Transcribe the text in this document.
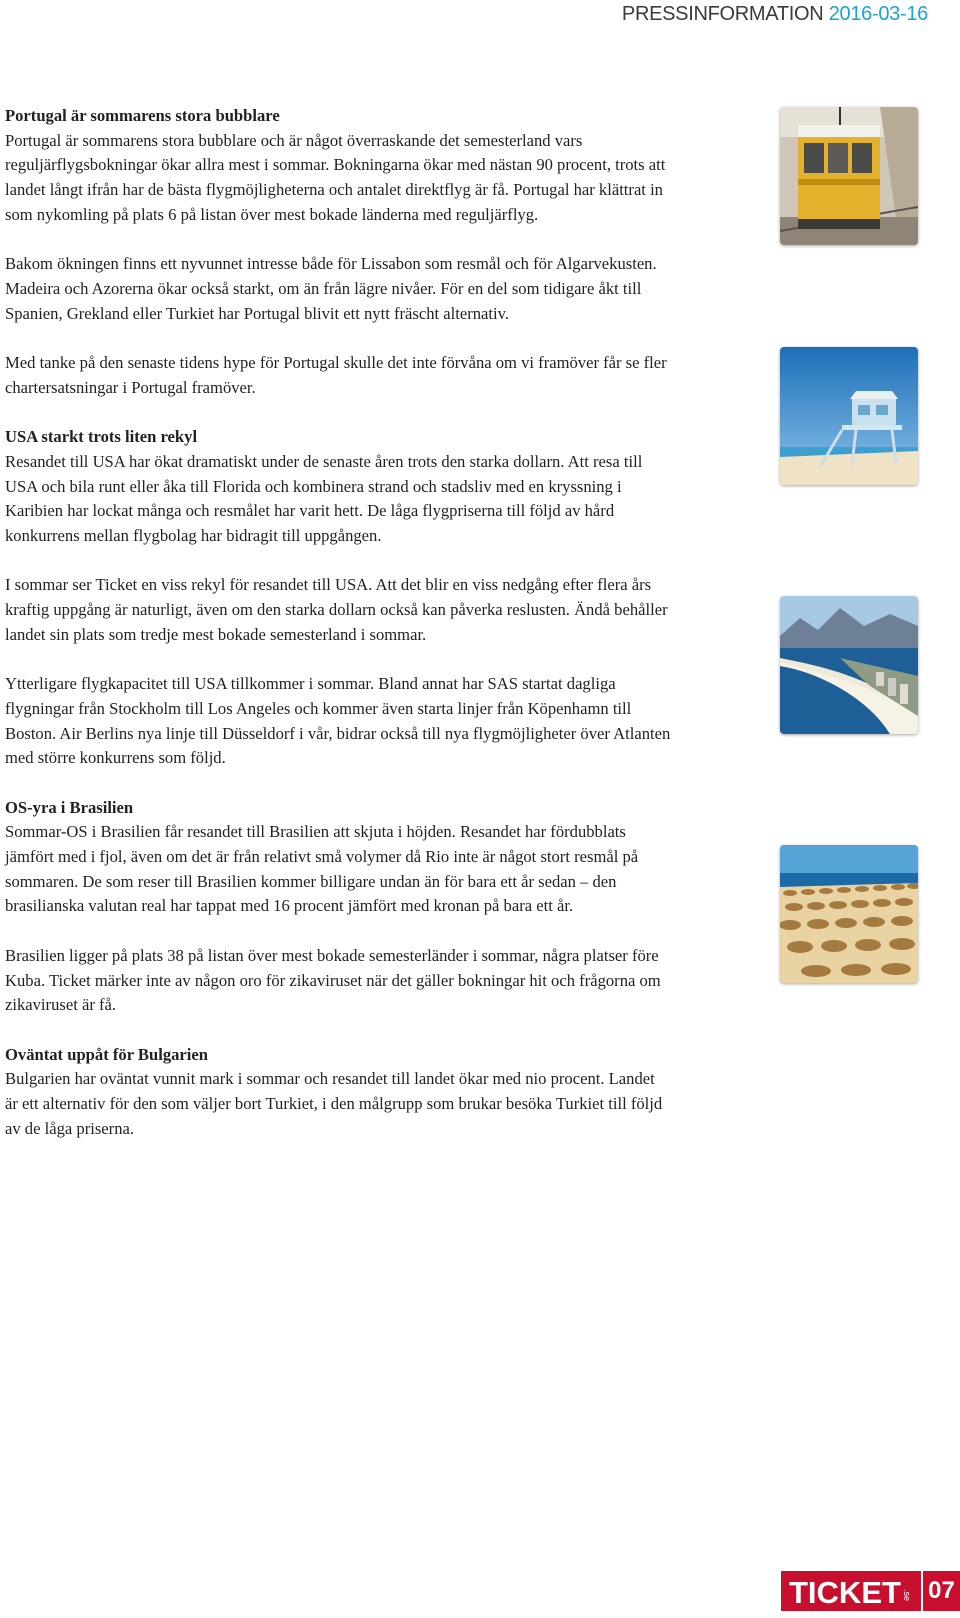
PRESSINFORMATION 2016-03-16

Portugal är sommarens stora bubblare
Portugal är sommarens stora bubblare och är något överraskande det semesterland vars reguljärflygsbokningar ökar allra mest i sommar. Bokningarna ökar med nästan 90 procent, trots att landet långt ifrån har de bästa flygmöjligheterna och antalet direktflyg är få. Portugal har klättrat in som nykomling på plats 6 på listan över mest bokade länderna med reguljärflyg.

Bakom ökningen finns ett nyvunnet intresse både för Lissabon som resmål och för Algarvekusten. Madeira och Azorerna ökar också starkt, om än från lägre nivåer. För en del som tidigare åkt till Spanien, Grekland eller Turkiet har Portugal blivit ett nytt fräscht alternativ.

Med tanke på den senaste tidens hype för Portugal skulle det inte förvåna om vi framöver får se fler chartersatsningar i Portugal framöver.

USA starkt trots liten rekyl
Resandet till USA har ökat dramatiskt under de senaste åren trots den starka dollarn. Att resa till USA och bila runt eller åka till Florida och kombinera strand och stadsliv med en kryssning i Karibien har lockat många och resmålet har varit hett. De låga flygpriserna till följd av hård konkurrens mellan flygbolag har bidragit till uppgången.

I sommar ser Ticket en viss rekyl för resandet till USA. Att det blir en viss nedgång efter flera års kraftig uppgång är naturligt, även om den starka dollarn också kan påverka reslusten. Ändå behåller landet sin plats som tredje mest bokade semesterland i sommar.

Ytterligare flygkapacitet till USA tillkommer i sommar. Bland annat har SAS startat dagliga flygningar från Stockholm till Los Angeles och kommer även starta linjer från Köpenhamn till Boston. Air Berlins nya linje till Düsseldorf i vår, bidrar också till nya flygmöjligheter över Atlanten med större konkurrens som följd.

OS-yra i Brasilien
Sommar-OS i Brasilien får resandet till Brasilien att skjuta i höjden. Resandet har fördubblats jämfört med i fjol, även om det är från relativt små volymer då Rio inte är något stort resmål på sommaren. De som reser till Brasilien kommer billigare undan än för bara ett år sedan – den brasilianska valutan real har tappat med 16 procent jämfört med kronan på bara ett år.

Brasilien ligger på plats 38 på listan över mest bokade semesterländer i sommar, några platser före Kuba. Ticket märker inte av någon oro för zikaviruset när det gäller bokningar hit och frågorna om zikaviruset är få.

Oväntat uppåt för Bulgarien
Bulgarien har oväntat vunnit mark i sommar och resandet till landet ökar med nio procent. Landet är ett alternativ för den som väljer bort Turkiet, i den målgrupp som brukar besöka Turkiet till följd av de låga priserna.

TICKET .se 07
